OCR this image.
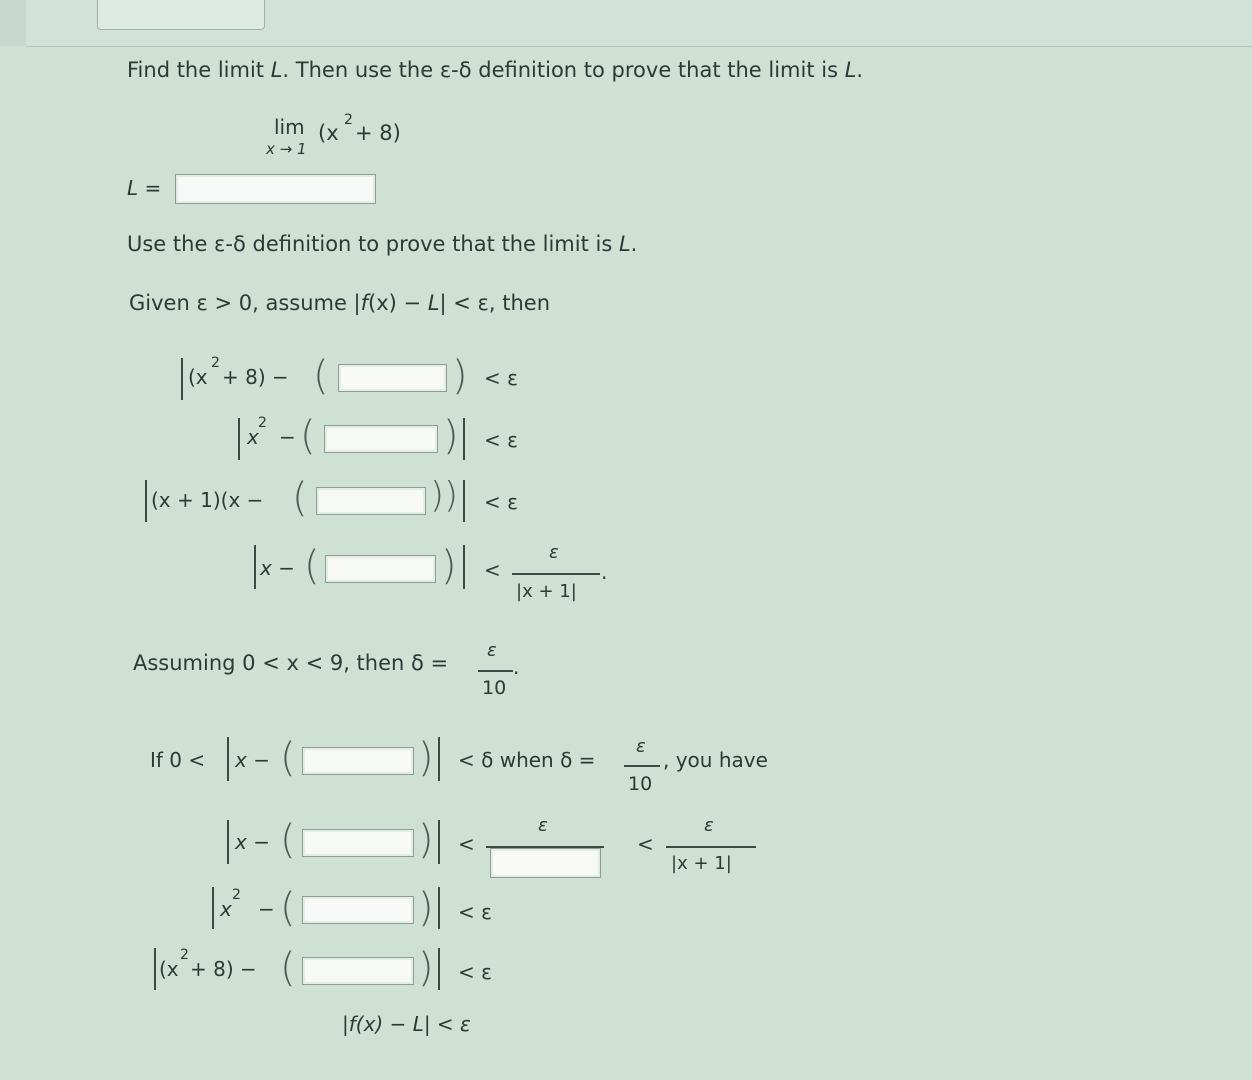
Find the limit L. Then use the ε-δ definition to prove that the limit is L.
lim
x → 1
(x
2
+ 8)
L =
Use the ε-δ definition to prove that the limit is L.
Given ε > 0, assume |f(x) − L| < ε, then
(x
2
+ 8) − (	) < ε
x
2
− (	) < ε
(x + 1)(x − (	)) < ε
x − (	) <
ε
|x + 1|
.
Assuming 0 < x < 9, then δ =
ε
10
.
If 0 < x − (	) < δ when δ =
ε
10
, you have
x − (	) <
ε
<
ε
|x + 1|
x
2
− (	) < ε
(x
2
+ 8) − (	) < ε
|f(x) − L| < ε
